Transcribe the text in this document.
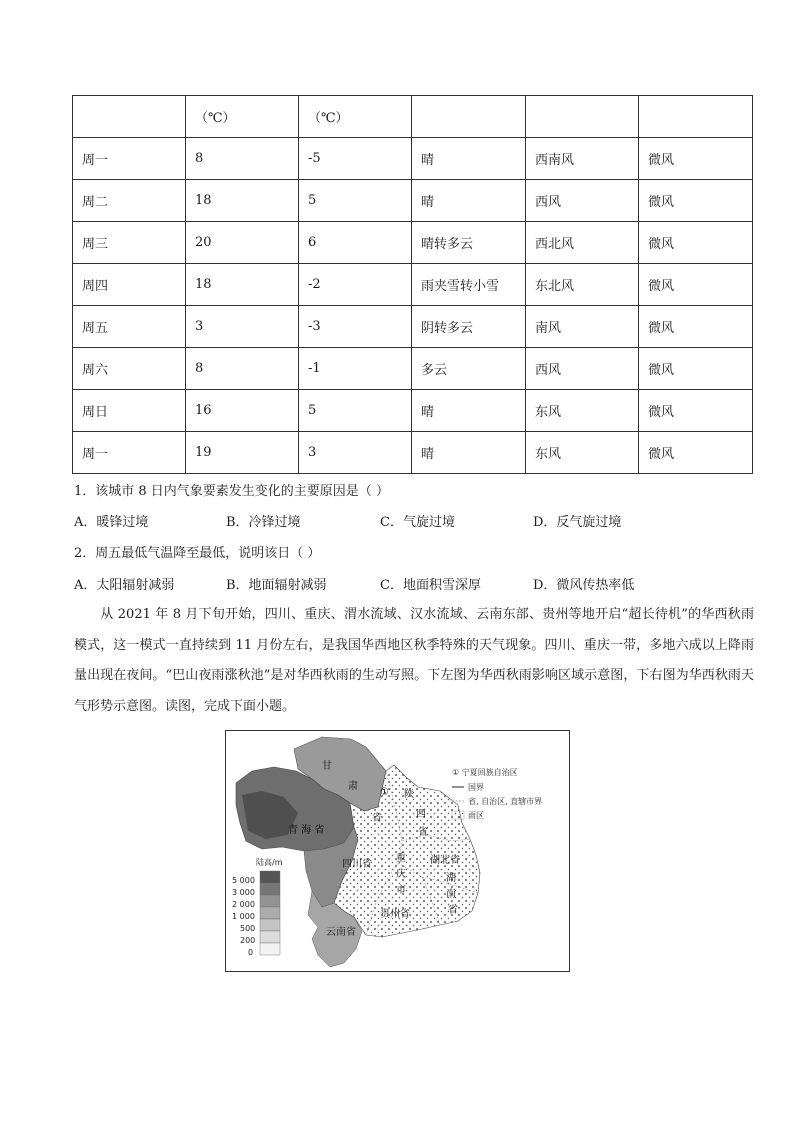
	（℃）	（℃）			
周一	8	-5	晴	西南风	微风
周二	18	5	晴	西风	微风
周三	20	6	晴转多云	西北风	微风
周四	18	-2	雨夹雪转小雪	东北风	微风
周五	3	-3	阴转多云	南风	微风
周六	8	-1	多云	西风	微风
周日	16	5	晴	东风	微风
周一	19	3	晴	东风	微风
1．该城市 8 日内气象要素发生变化的主要原因是（ ）
A．暖锋过境	B．冷锋过境	C．气旋过境	D．反气旋过境
2．周五最低气温降至最低，说明该日（ ）
A．太阳辐射减弱	B．地面辐射减弱	C．地面积雪深厚	D．微风传热率低

从 2021 年 8 月下旬开始，四川、重庆、渭水流域、汉水流域、云南东部、贵州等地开启“超长待机”的华西秋雨模式，这一模式一直持续到 11 月份左右，是我国华西地区秋季特殊的天气现象。四川、重庆一带，多地六成以上降雨量出现在夜间。“巴山夜雨涨秋池”是对华西秋雨的生动写照。下左图为华西秋雨影响区域示意图，下右图为华西秋雨天气形势示意图。读图，完成下面小题。

甘
肃
省
① 陕
西
省
青 海 省
四川省
重
庆
市
湖北省
湖
南
省
贵州省
云南省
① 宁夏回族自治区
国界
省, 自治区, 直辖市界
雨区
陆高/m
5 000
3 000
2 000
1 000
500
200
0
